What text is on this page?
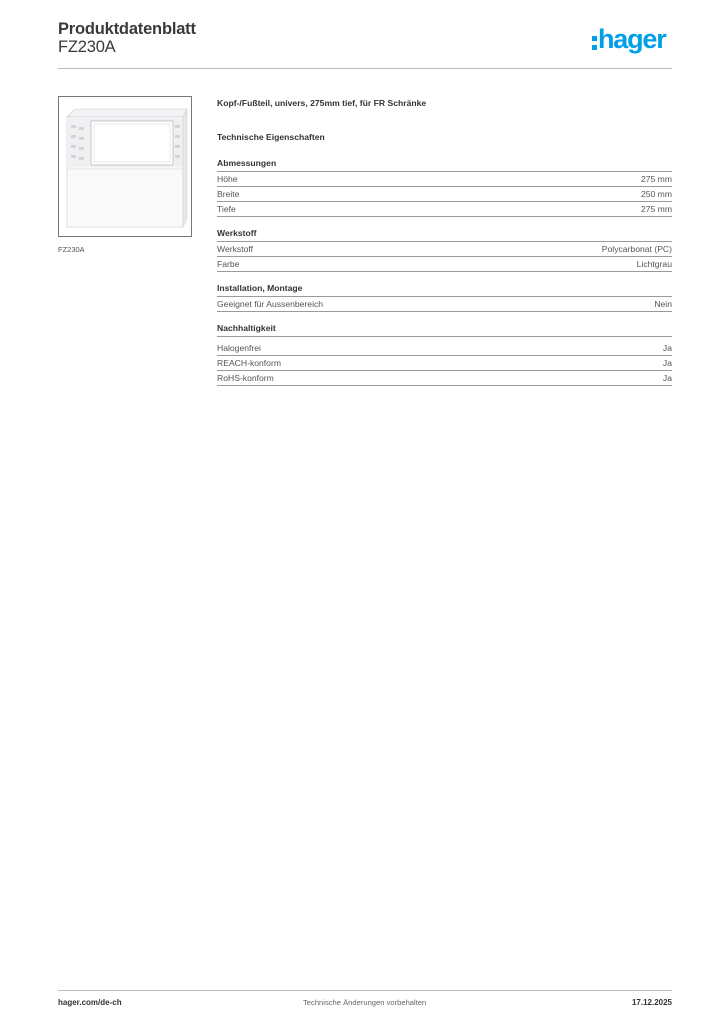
Produktdatenblatt
FZ230A	hager
FZ230A
Kopf-/Fußteil, univers, 275mm tief, für FR Schränke
Technische Eigenschaften
Abmessungen
Höhe	275 mm
Breite	250 mm
Tiefe	275 mm
Werkstoff
Werkstoff	Polycarbonat (PC)
Farbe	Lichtgrau
Installation, Montage
Geeignet für Aussenbereich	Nein
Nachhaltigkeit
Halogenfrei	Ja
REACH-konform	Ja
RoHS-konform	Ja
hager.com/de-ch	Technische Änderungen vorbehalten	17.12.2025
